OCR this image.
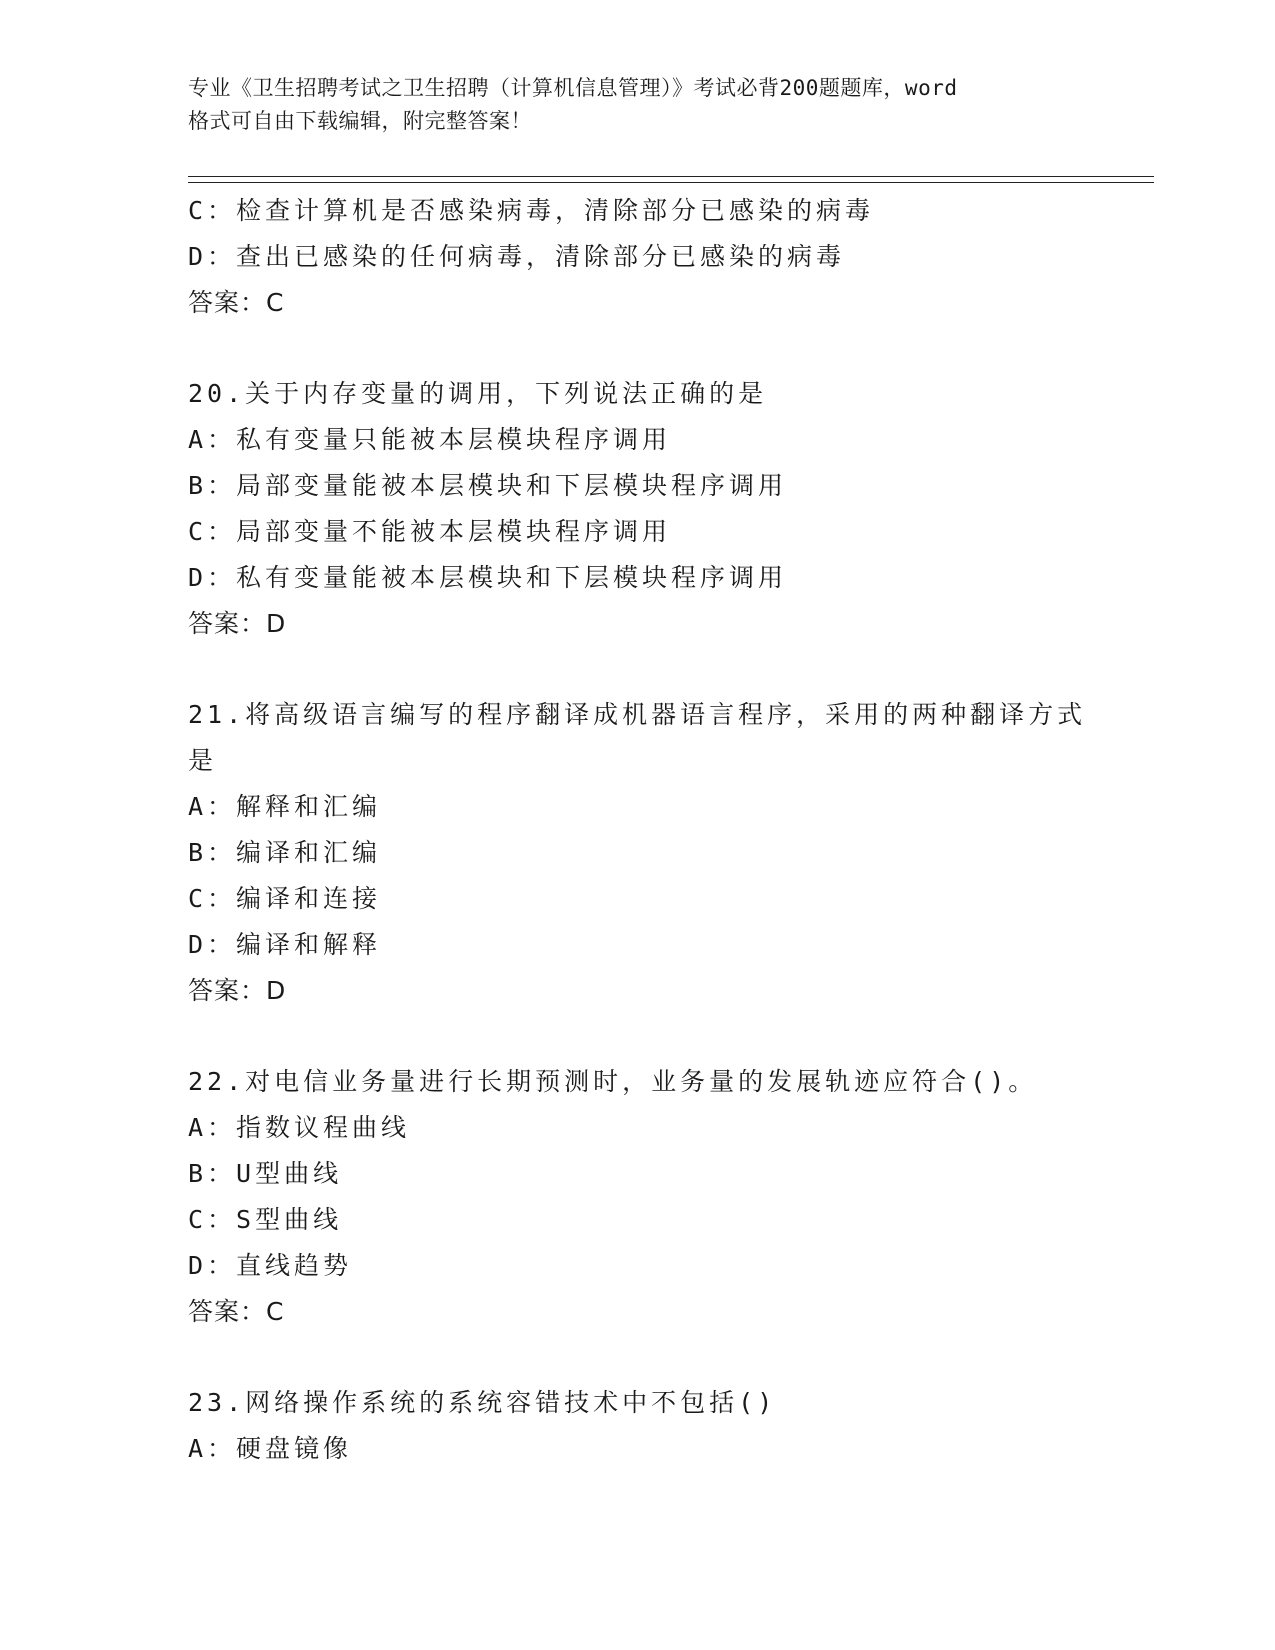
专业《卫生招聘考试之卫生招聘（计算机信息管理）》考试必背200题题库，word
格式可自由下载编辑，附完整答案！
C：检查计算机是否感染病毒，清除部分已感染的病毒
D：查出已感染的任何病毒，清除部分已感染的病毒
答案：C
20.关于内存变量的调用，下列说法正确的是
A：私有变量只能被本层模块程序调用
B：局部变量能被本层模块和下层模块程序调用
C：局部变量不能被本层模块程序调用
D：私有变量能被本层模块和下层模块程序调用
答案：D
21.将高级语言编写的程序翻译成机器语言程序，采用的两种翻译方式
是
A：解释和汇编
B：编译和汇编
C：编译和连接
D：编译和解释
答案：D
22.对电信业务量进行长期预测时，业务量的发展轨迹应符合()。
A：指数议程曲线
B：U型曲线
C：S型曲线
D：直线趋势
答案：C
23.网络操作系统的系统容错技术中不包括()
A：硬盘镜像
